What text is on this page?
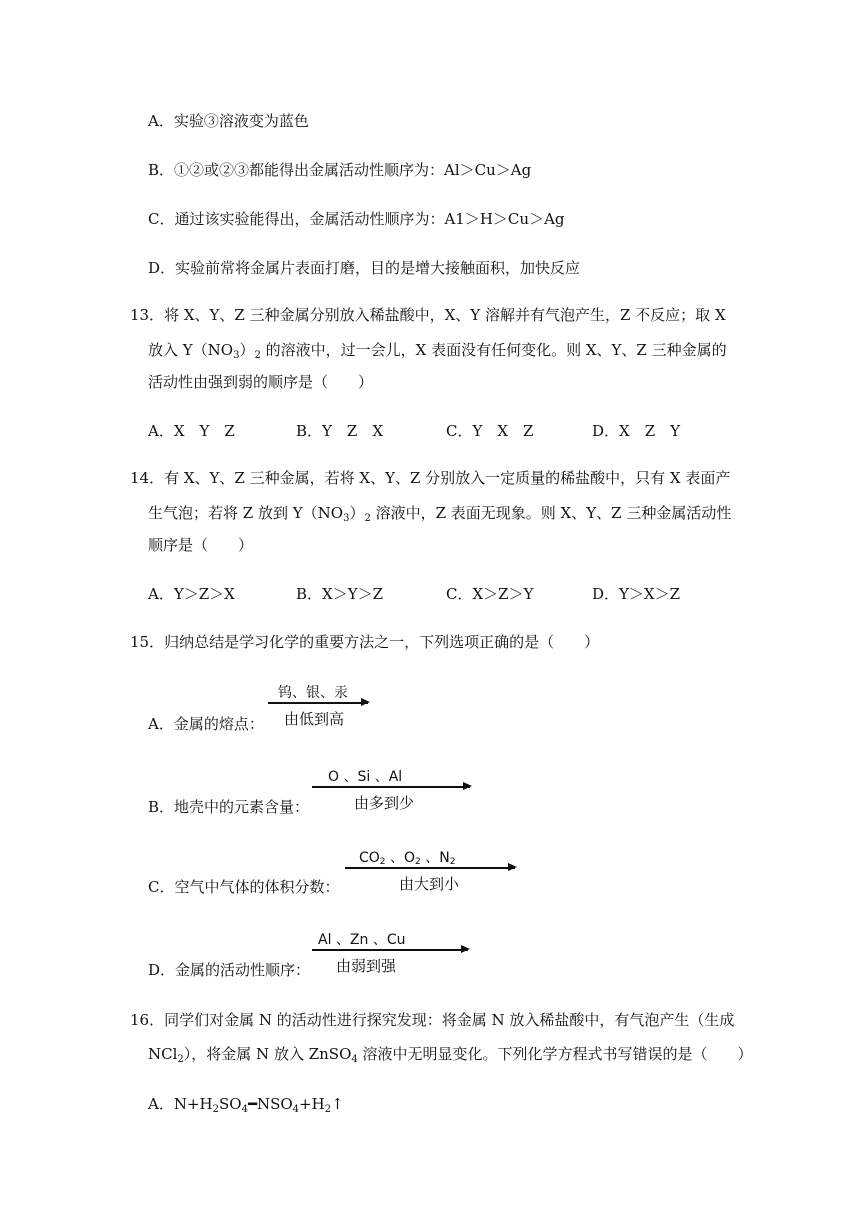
A．实验③溶液变为蓝色
B．①②或②③都能得出金属活动性顺序为：Al＞Cu＞Ag
C．通过该实验能得出，金属活动性顺序为：A1＞H＞Cu＞Ag
D．实验前常将金属片表面打磨，目的是增大接触面积，加快反应
13．将 X、Y、Z 三种金属分别放入稀盐酸中，X、Y 溶解并有气泡产生，Z 不反应；取 X
放入 $Y(NO_3)_2$ 的溶液中，过一会儿，X 表面没有任何变化。则 X、Y、Z 三种金属的
活动性由强到弱的顺序是（　　）
A．X　Y　Z	B．Y　Z　X	C．Y　X　Z	D．X　Z　Y
14．有 X、Y、Z 三种金属，若将 X、Y、Z 分别放入一定质量的稀盐酸中，只有 X 表面产
生气泡；若将 Z 放到 $Y(NO_3)_2$ 溶液中，Z 表面无现象。则 X、Y、Z 三种金属活动性
顺序是（　　）
A．Y＞Z＞X	B．X＞Y＞Z	C．X＞Z＞Y	D．Y＞X＞Z
15．归纳总结是学习化学的重要方法之一，下列选项正确的是（　　）
A．金属的熔点：
钨、银、汞
由低到高
B．地壳中的元素含量：
O 、Si 、Al
由多到少
C．空气中气体的体积分数：
CO2 、O2 、N2
由大到小
D．金属的活动性顺序：
Al 、Zn 、Cu
由弱到强
16．同学们对金属 N 的活动性进行探究发现：将金属 N 放入稀盐酸中，有气泡产生（生成
NCl$_2$），将金属 N 放入 ZnSO$_4$ 溶液中无明显变化。下列化学方程式书写错误的是（　　）
A．$N+H_2SO_4━NSO_4+H_2↑$
